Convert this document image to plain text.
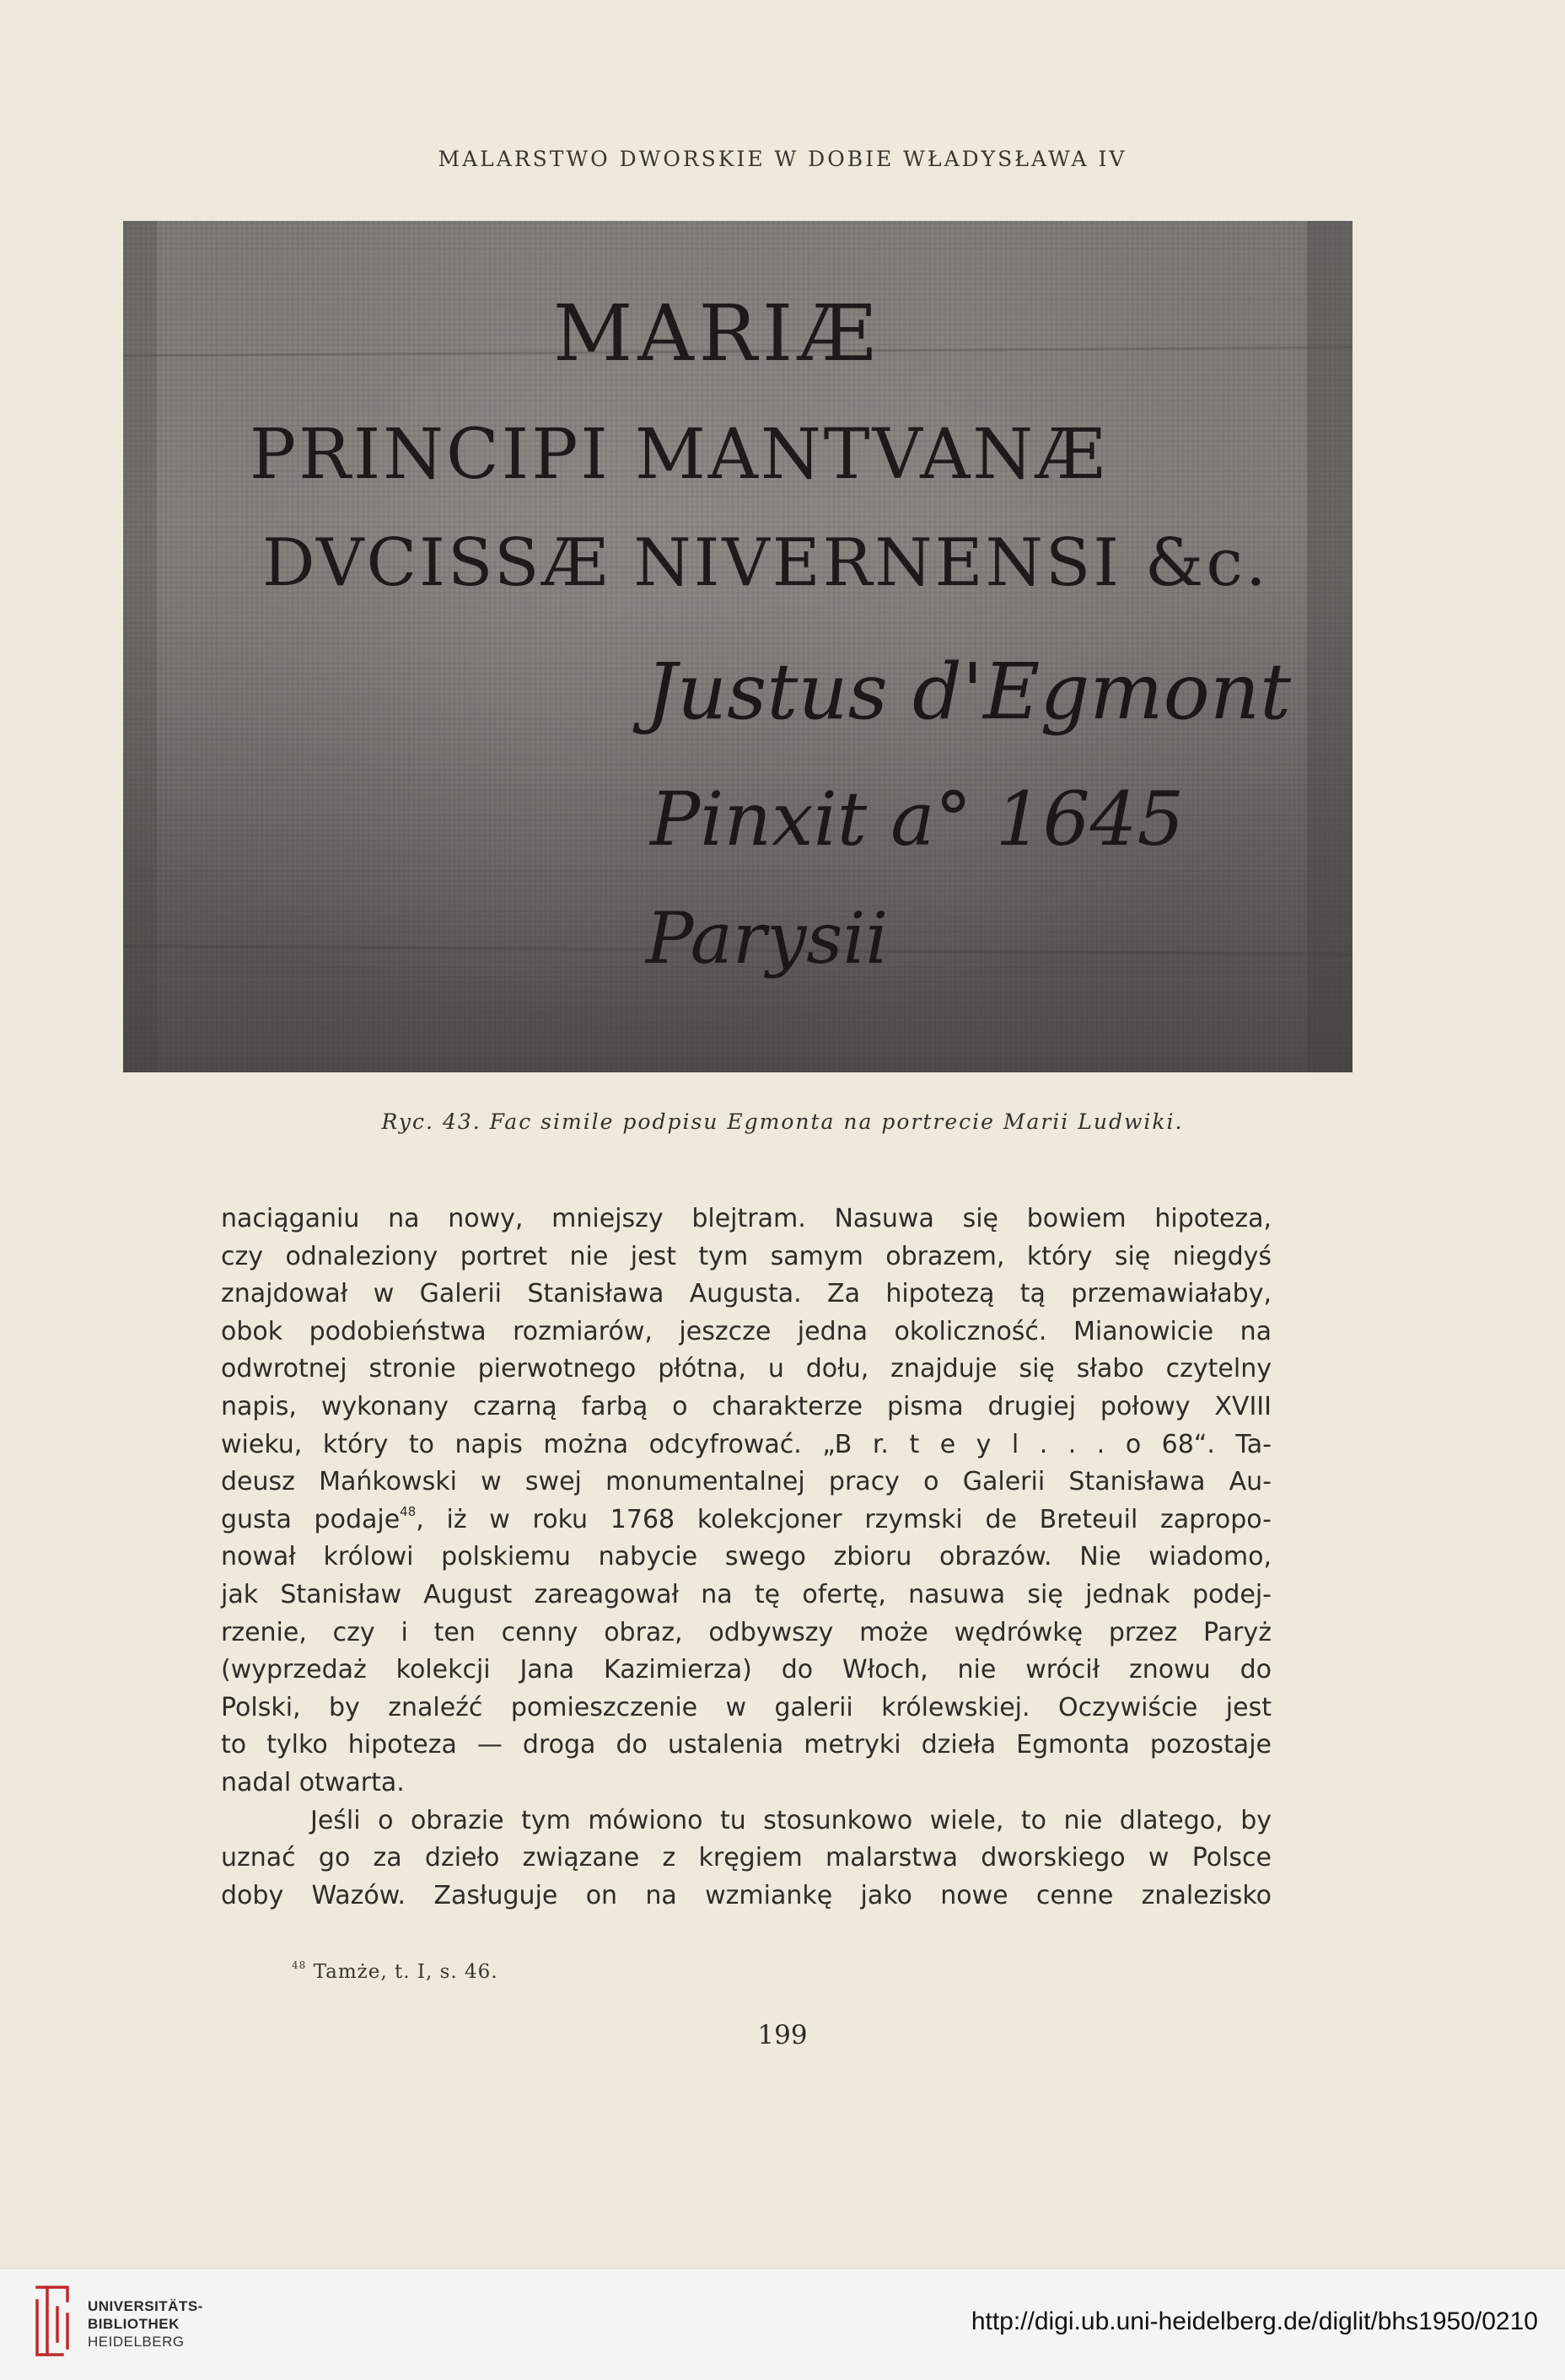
MALARSTWO DWORSKIE W DOBIE WŁADYSŁAWA IV
MARIÆ
PRINCIPI MANTVANÆ
DVCISSÆ NIVERNENSI &c.
Justus d'Egmont
Pinxit a° 1645
Parysii
Ryc. 43. Fac simile podpisu Egmonta na portrecie Marii Ludwiki.
naciąganiu na nowy, mniejszy blejtram. Nasuwa się bowiem hipoteza,
czy odnaleziony portret nie jest tym samym obrazem, który się niegdyś
znajdował w Galerii Stanisława Augusta. Za hipotezą tą przemawiałaby,
obok podobieństwa rozmiarów, jeszcze jedna okoliczność. Mianowicie na
odwrotnej stronie pierwotnego płótna, u dołu, znajduje się słabo czytelny
napis, wykonany czarną farbą o charakterze pisma drugiej połowy XVIII
wieku, który to napis można odcyfrować. „B r. t e y l . . . o 68“. Ta-
deusz Mańkowski w swej monumentalnej pracy o Galerii Stanisława Au-
gusta podaje$^{48}$, iż w roku 1768 kolekcjoner rzymski de Breteuil zapropo-
nował królowi polskiemu nabycie swego zbioru obrazów. Nie wiadomo,
jak Stanisław August zareagował na tę ofertę, nasuwa się jednak podej-
rzenie, czy i ten cenny obraz, odbywszy może wędrówkę przez Paryż
(wyprzedaż kolekcji Jana Kazimierza) do Włoch, nie wrócił znowu do
Polski, by znaleźć pomieszczenie w galerii królewskiej. Oczywiście jest
to tylko hipoteza — droga do ustalenia metryki dzieła Egmonta pozostaje
nadal otwarta.
Jeśli o obrazie tym mówiono tu stosunkowo wiele, to nie dlatego, by
uznać go za dzieło związane z kręgiem malarstwa dworskiego w Polsce
doby Wazów. Zasługuje on na wzmiankę jako nowe cenne znalezisko
$^{48}$ Tamże, t. I, s. 46.
199
UNIVERSITÄTS-
BIBLIOTHEK
HEIDELBERG
http://digi.ub.uni-heidelberg.de/diglit/bhs1950/0210
